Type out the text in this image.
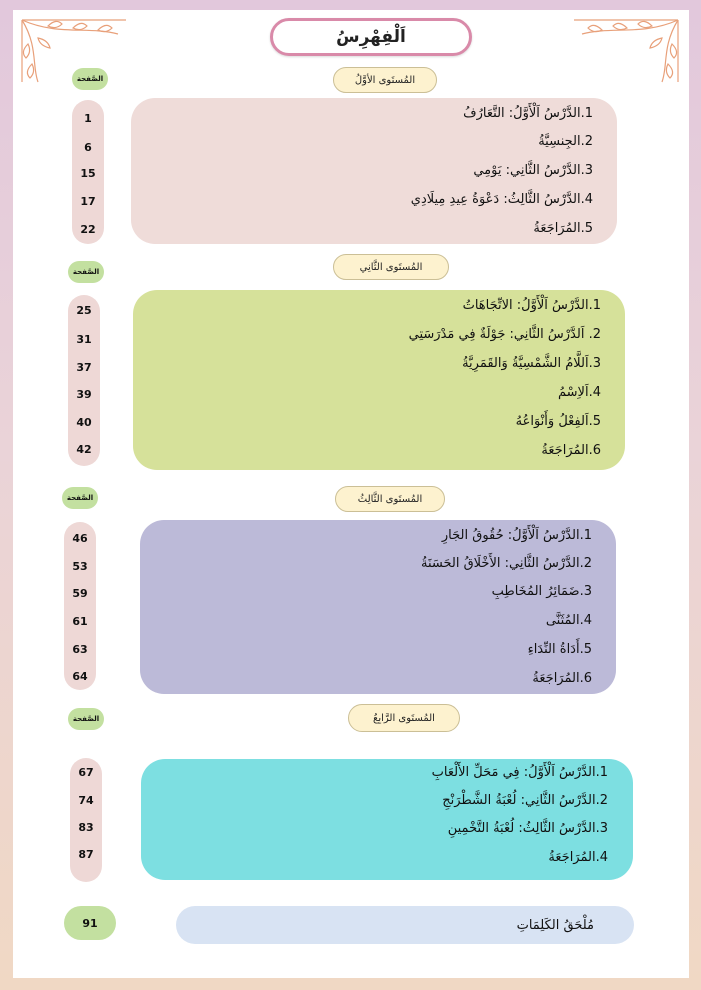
اَلْفِهْرِسُ
المُستَوى الأوَّلُ
الصَّفحة
1
6
15
17
22
1.الدَّرْسُ اَلْأَوَّلُ: التَّعَارُفُ
2.الجِنسِيَّةُ
3.الدَّرْسُ الثَّانِي: يَوْمِي
4.الدَّرْسُ الثَّالِثُ: دَعْوَةُ عِيدِ مِيلَادِي
5.المُرَاجَعَةُ
المُستَوى الثَّانِي
الصَّفحة
25
31
37
39
40
42
1.الدَّرْسُ اَلْأَوَّلُ: الاتِّجَاهَاتُ
2. اَلدَّرْسُ الثَّانِي: جَوْلَةٌ فِي مَدْرَسَتِي
3.اَللَّامُ الشَّمْسِيَّةُ وَالقَمَرِيَّةُ
4.اَلاِسْمُ
5.اَلفِعْلُ وَأَنْوَاعُهُ
6.المُرَاجَعَةُ
المُستَوى الثَّالِثُ
الصَّفحة
46
53
59
61
63
64
1.الدَّرْسُ اَلْأَوَّلُ: حُقُوقُ الجَارِ
2.الدَّرْسُ الثَّانِي: الأَخْلَاقُ الحَسَنَةُ
3.ضَمَائِرُ المُخَاطِبِ
4.المُثَنَّى
5.أَدَاةُ النِّدَاءِ
6.المُرَاجَعَةُ
المُستَوى الرَّابِعُ
الصَّفحة
67
74
83
87
1.الدَّرْسُ اَلْأَوَّلُ: فِي مَحَلِّ الأَلْعَابِ
2.الدَّرْسُ الثَّانِي: لُعْبَةُ الشَّطْرَنْجِ
3.الدَّرْسُ الثَّالِثُ: لُعْبَةُ التَّخْمِينِ
4.المُرَاجَعَةُ
91	مُلْحَقُ الكَلِمَاتِ
